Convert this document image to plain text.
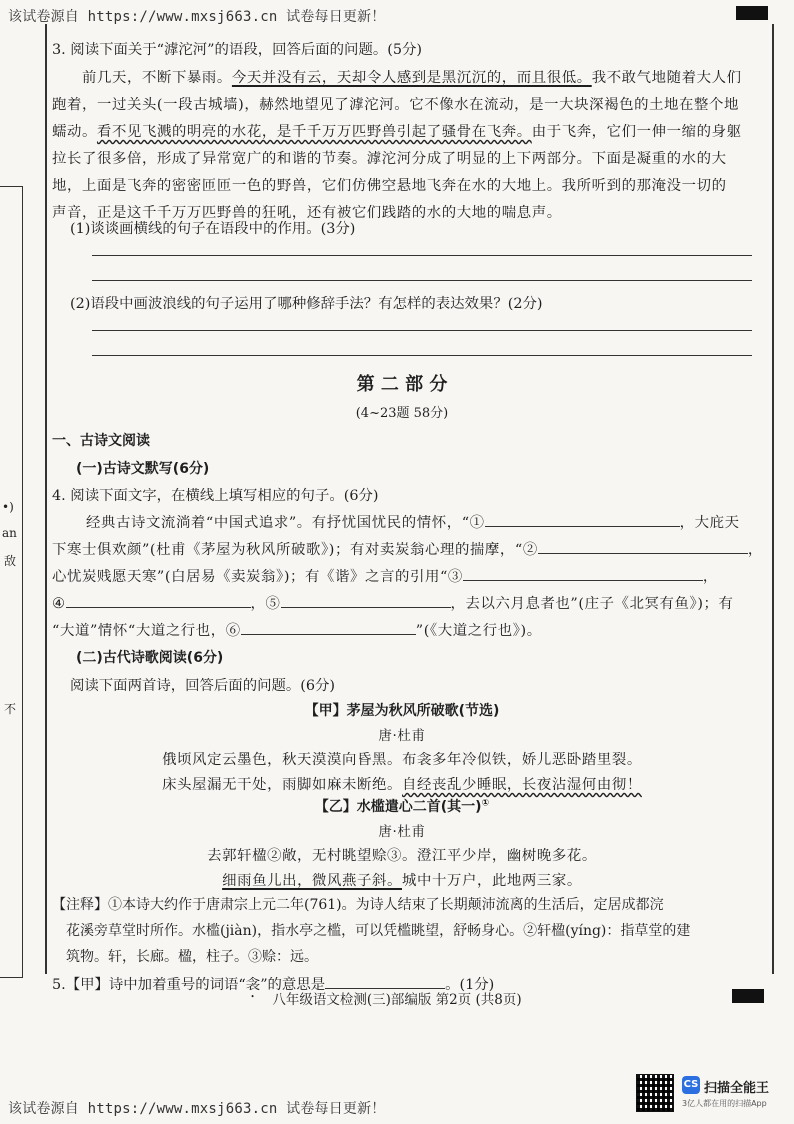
该试卷源自 https://www.mxsj663.cn 试卷每日更新！
•)
an
敌
不
3. 阅读下面关于“滹沱河”的语段，回答后面的问题。(5分)
前几天，不断下暴雨。今天并没有云，天却令人感到是黑沉沉的，而且很低。我不敢气地随着大人们
跑着，一过关头(一段古城墙)，赫然地望见了滹沱河。它不像水在流动，是一大块深褐色的土地在整个地
蠕动。看不见飞溅的明亮的水花，是千千万万匹野兽引起了骚骨在飞奔。由于飞奔，它们一伸一缩的身躯
拉长了很多倍，形成了异常宽广的和谐的节奏。滹沱河分成了明显的上下两部分。下面是凝重的水的大
地，上面是飞奔的密密匝匝一色的野兽，它们仿佛空悬地飞奔在水的大地上。我所听到的那淹没一切的
声音，正是这千千万万匹野兽的狂吼，还有被它们践踏的水的大地的喘息声。
(1)谈谈画横线的句子在语段中的作用。(3分)
(2)语段中画波浪线的句子运用了哪种修辞手法？有怎样的表达效果？(2分)
第 二 部 分
(4~23题 58分)
一、古诗文阅读
(一)古诗文默写(6分)
4. 阅读下面文字，在横线上填写相应的句子。(6分)
经典古诗文流淌着“中国式追求”。有抒忧国忧民的情怀，“①	，大庇天
下寒士俱欢颜”(杜甫《茅屋为秋风所破歌》)；有对卖炭翁心理的揣摩，“②	，
心忧炭贱愿天寒”(白居易《卖炭翁》)；有《谐》之言的引用“③	，
④	，⑤	，去以六月息者也”(庄子《北冥有鱼》)；有
“大道”情怀“大道之行也，⑥	”(《大道之行也》)。
(二)古代诗歌阅读(6分)
阅读下面两首诗，回答后面的问题。(6分)
【甲】茅屋为秋风所破歌(节选)
唐·杜甫
俄顷风定云墨色，秋天漠漠向昏黑。布衾多年冷似铁，娇儿恶卧踏里裂。
床头屋漏无干处，雨脚如麻未断绝。自经丧乱少睡眠，长夜沾湿何由彻！
【乙】水槛遣心二首(其一)①
唐·杜甫
去郭轩楹②敞，无村眺望赊③。澄江平少岸，幽树晚多花。
细雨鱼儿出，微风燕子斜。城中十万户，此地两三家。
【注释】①本诗大约作于唐肃宗上元二年(761)。为诗人结束了长期颠沛流离的生活后，定居成都浣
花溪旁草堂时所作。水槛(jiàn)，指水亭之槛，可以凭槛眺望，舒畅身心。②轩楹(yíng)：指草堂的建
筑物。轩，长廊。楹，柱子。③赊：远。
5.【甲】诗中加着重号的词语“衾”的意思是	。(1分)
八年级语文检测(三)部编版 第2页 (共8页)
该试卷源自 https://www.mxsj663.cn 试卷每日更新！
CS 扫描全能王
3亿人都在用的扫描App
